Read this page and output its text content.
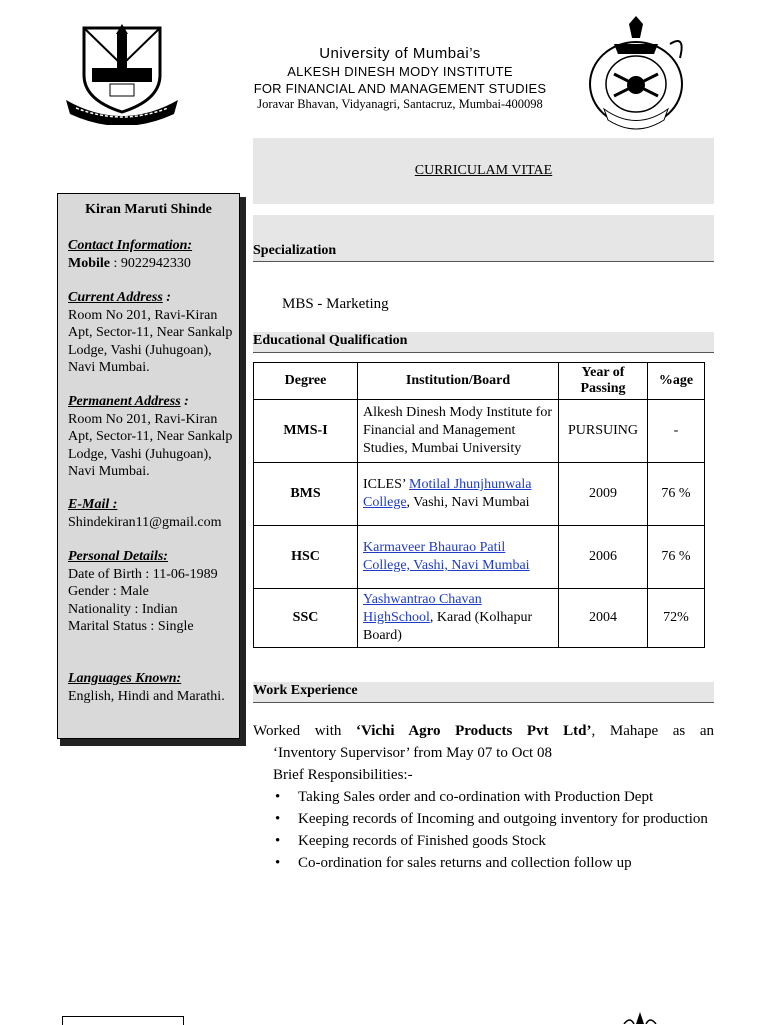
University of Mumbai’s
ALKESH DINESH MODY INSTITUTE
FOR FINANCIAL AND MANAGEMENT STUDIES
Joravar Bhavan, Vidyanagri, Santacruz, Mumbai-400098
CURRICULAM VITAE
Specialization
MBS - Marketing
Educational Qualification
Degree	Institution/Board	Year of Passing	%age
MMS-I	Alkesh Dinesh Mody Institute for Financial and Management Studies, Mumbai University	PURSUING	-
BMS	ICLES’ Motilal Jhunjhunwala College, Vashi, Navi Mumbai	2009	76 %
HSC	Karmaveer Bhaurao Patil College, Vashi, Navi Mumbai	2006	76 %
SSC	Yashwantrao Chavan HighSchool, Karad (Kolhapur Board)	2004	72%
Work Experience

Worked with ‘Vichi Agro Products Pvt Ltd’, Mahape as an

‘Inventory Supervisor’ from May 07 to Oct 08

Brief Responsibilities:-

• Taking Sales order and co-ordination with Production Dept
• Keeping records of Incoming and outgoing inventory for production
• Keeping records of Finished goods Stock
• Co-ordination for sales returns and collection follow up
Kiran Maruti Shinde
Contact Information:
Mobile : 9022942330
Current Address :
Room No 201, Ravi-Kiran Apt, Sector-11, Near Sankalp Lodge, Vashi (Juhugoan), Navi Mumbai.
Permanent Address :
Room No 201, Ravi-Kiran Apt, Sector-11, Near Sankalp Lodge, Vashi (Juhugoan), Navi Mumbai.
E-Mail :
Shindekiran11@gmail.com
Personal Details:
Date of Birth : 11-06-1989
Gender : Male
Nationality : Indian
Marital Status : Single
Languages Known:
English, Hindi and Marathi.
